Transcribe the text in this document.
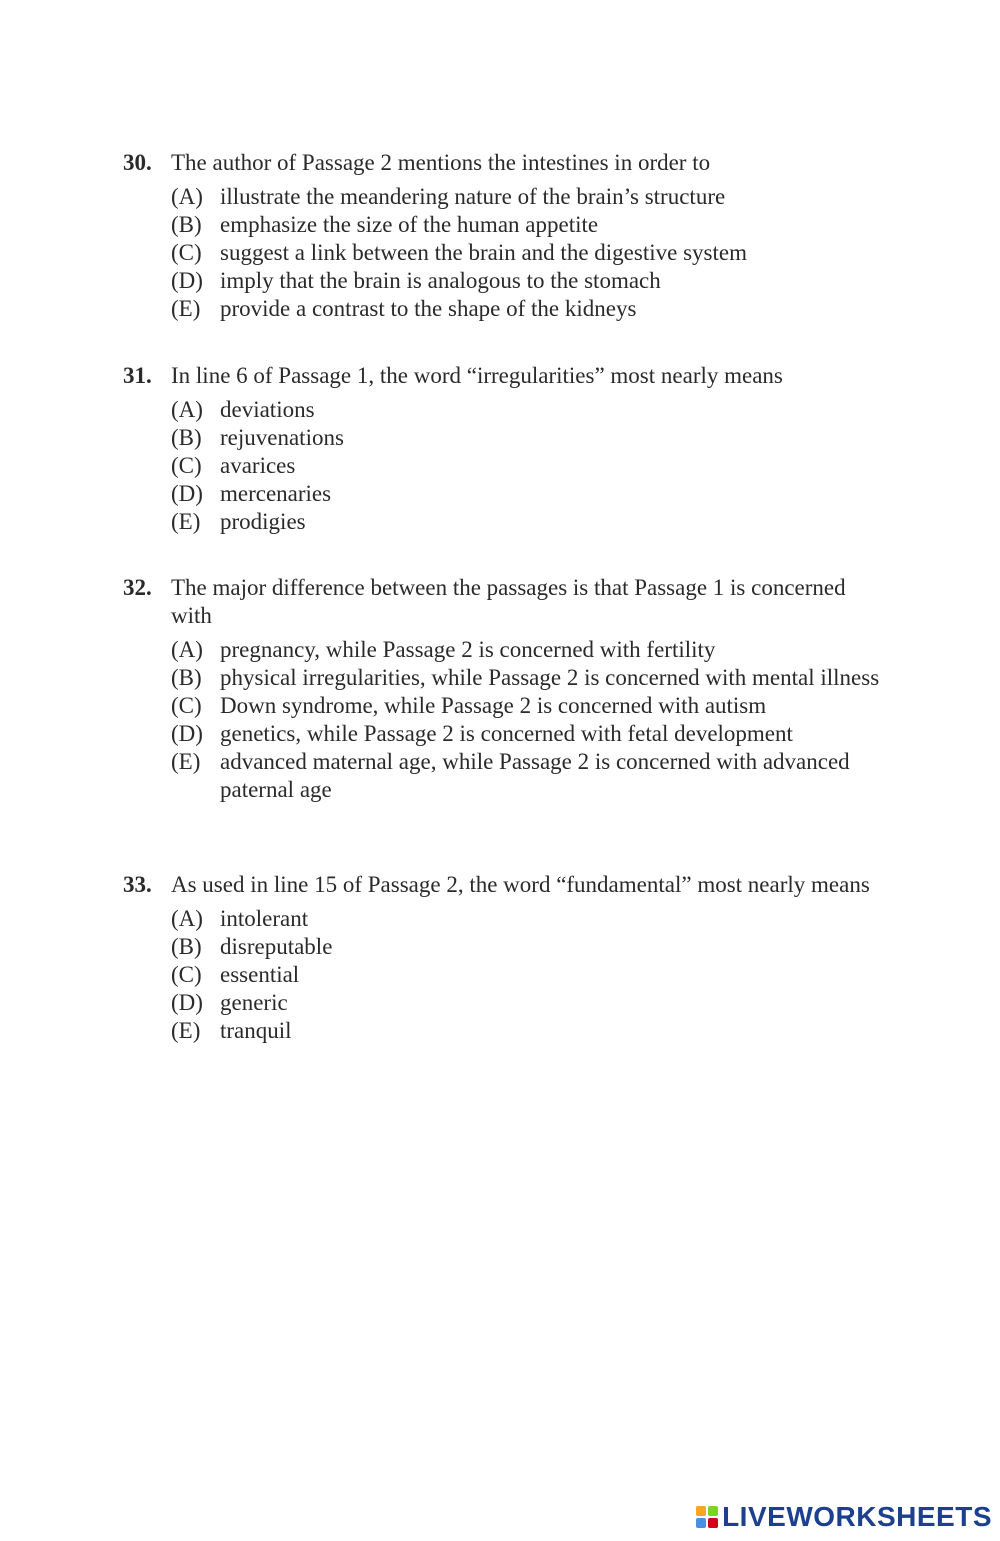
30. The author of Passage 2 mentions the intestines in order to
(A) illustrate the meandering nature of the brain’s structure
(B) emphasize the size of the human appetite
(C) suggest a link between the brain and the digestive system
(D) imply that the brain is analogous to the stomach
(E) provide a contrast to the shape of the kidneys
31. In line 6 of Passage 1, the word “irregularities” most nearly means
(A) deviations
(B) rejuvenations
(C) avarices
(D) mercenaries
(E) prodigies
32. The major difference between the passages is that Passage 1 is concerned with
(A) pregnancy, while Passage 2 is concerned with fertility
(B) physical irregularities, while Passage 2 is concerned with mental illness
(C) Down syndrome, while Passage 2 is concerned with autism
(D) genetics, while Passage 2 is concerned with fetal development
(E) advanced maternal age, while Passage 2 is concerned with advanced paternal age
33. As used in line 15 of Passage 2, the word “fundamental” most nearly means
(A) intolerant
(B) disreputable
(C) essential
(D) generic
(E) tranquil
LIVEWORKSHEETS
